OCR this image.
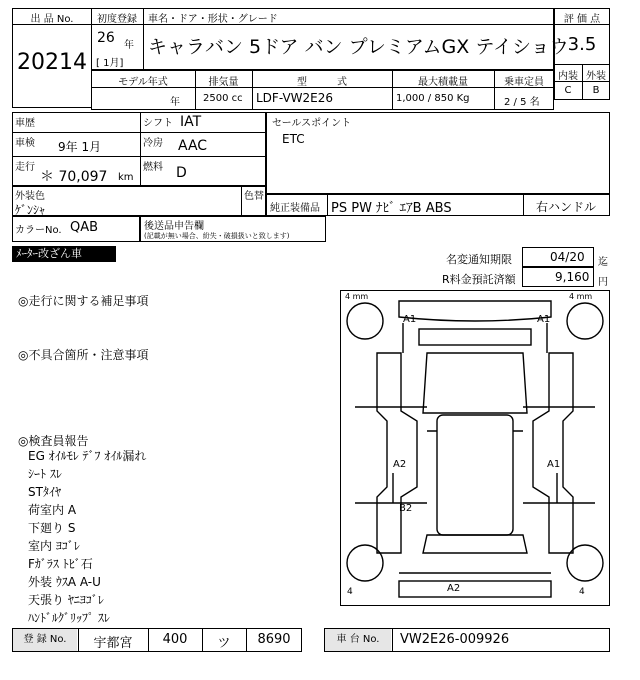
出 品 No.
20214
初度登録	車名・ドア・形状・グレード
26 年
[ 1月]
キャラバン 5ドア バン プレミアムGX テイショウ
評 価 点
3.5
内装 外装
C	B
モデル年式	排気量	型　　　式	最大積載量	乗車定員
年 2500 cc LDF-VW2E26	1,000 / 850 Kg	2 / 5 名
車歴	シフト IAT
車検 9年 1月	冷房 AAC
走行
＊ 70,097 km
燃料 D
セールスポイント
ETC
外装色	色替
ｹﾞﾝｼｬ	純正装備品 PS PW ﾅﾋﾞ ｴｱB ABS	右ハンドル
カラーNo. QAB	後送品申告欄
(記載が無い場合、紛失・破損扱いと致します)
ﾒｰﾀｰ改ざん車	名変通知期限	04/20 迄
R料金預託済額	9,160 円
◎走行に関する補足事項
◎不具合箇所・注意事項
◎検査員報告
EG ｵｲﾙﾓﾚ ﾃﾞﾌ ｵｲﾙ漏れ
ｼｰﾄ ｽﾚ
STﾀｲﾔ
荷室内 A
下廻り S
室内 ﾖｺﾞﾚ
Fｶﾞﾗｽ ﾄﾋﾞ石
外装 ｳｽA A-U
天張り ﾔﾆﾖｺﾞﾚ
ﾊﾝﾄﾞﾙｸﾞﾘｯﾌﾟ ｽﾚ
4 mm	4 mm
4	4
A1	A1
A2	A1
B2
A2
登 録 No.	宇都宮	400	ツ	8690	車 台 No.	VW2E26-009926
